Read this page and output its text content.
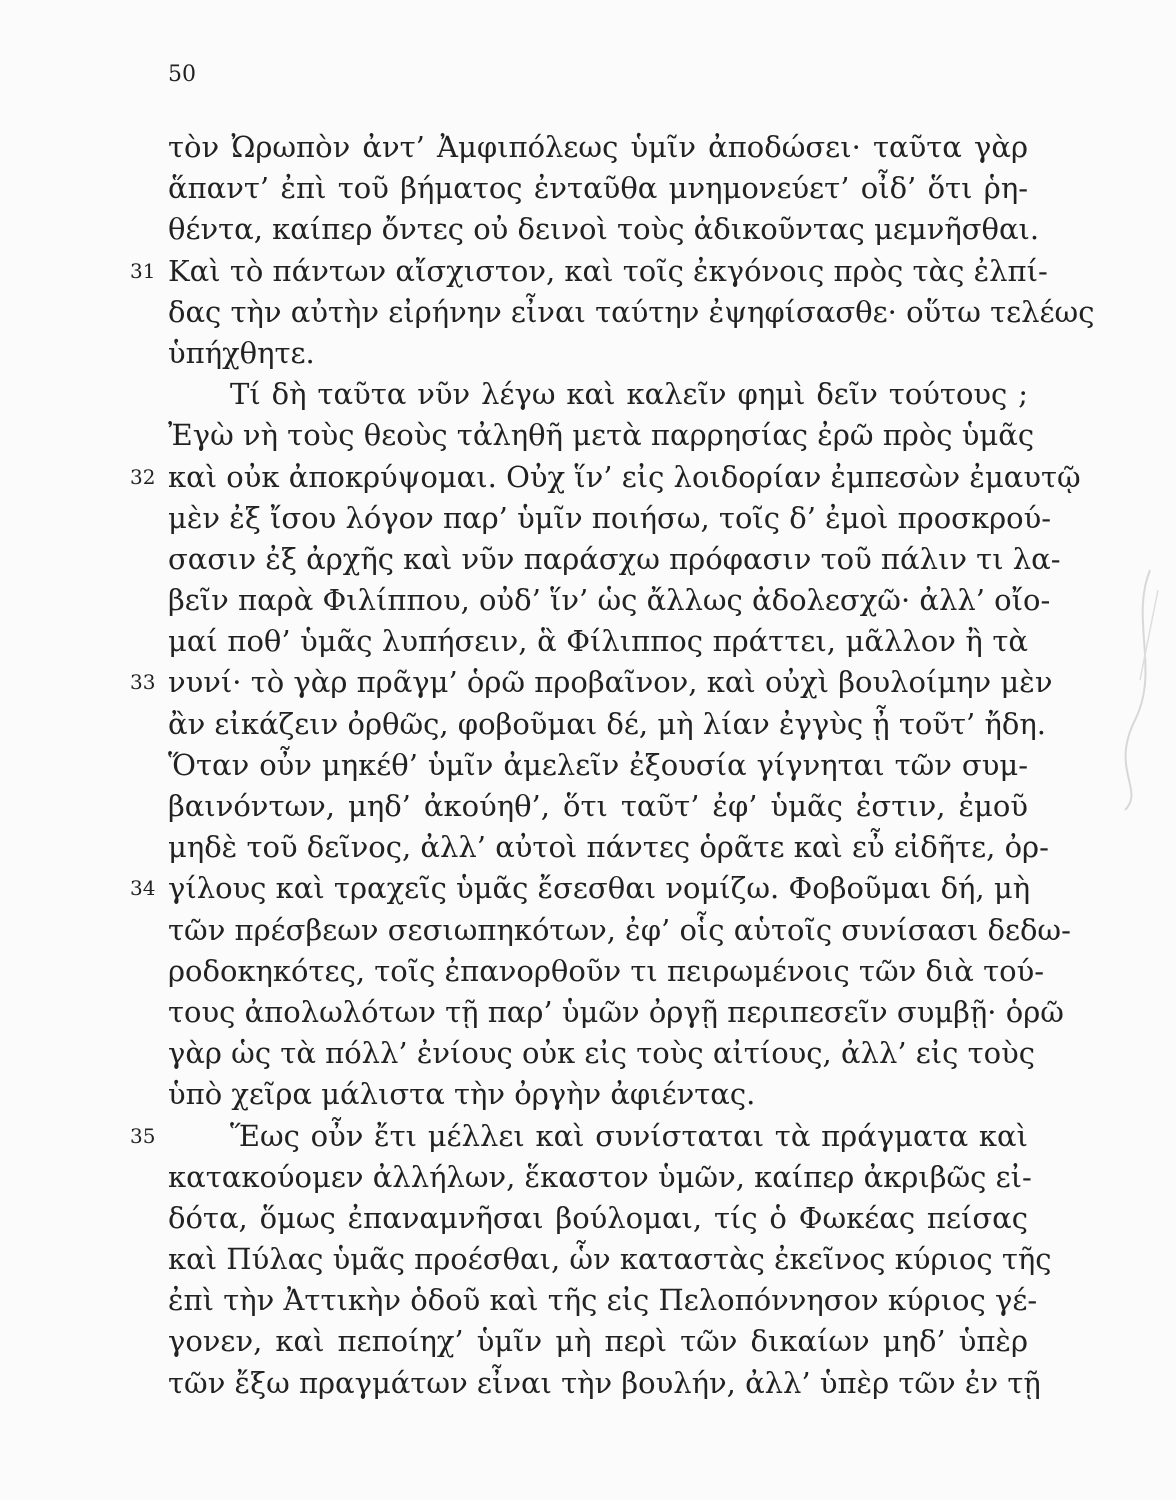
50
τὸν Ὠρωπὸν ἀντ’ Ἀμφιπόλεως ὑμῖν ἀποδώσει· ταῦτα γὰρ
ἅπαντ’ ἐπὶ τοῦ βήματος ἐνταῦθα μνημονεύετ’ οἶδ’ ὅτι ῥη-
θέντα, καίπερ ὄντες οὐ δεινοὶ τοὺς ἀδικοῦντας μεμνῆσθαι.
31 Καὶ τὸ πάντων αἴσχιστον, καὶ τοῖς ἐκγόνοις πρὸς τὰς ἐλπί-
δας τὴν αὐτὴν εἰρήνην εἶναι ταύτην ἐψηφίσασθε· οὕτω τελέως
ὑπήχθητε.
Τί δὴ ταῦτα νῦν λέγω καὶ καλεῖν φημὶ δεῖν τούτους ;
Ἐγὼ νὴ τοὺς θεοὺς τἀληθῆ μετὰ παρρησίας ἐρῶ πρὸς ὑμᾶς
32 καὶ οὐκ ἀποκρύψομαι. Οὐχ ἵν’ εἰς λοιδορίαν ἐμπεσὼν ἐμαυτῷ
μὲν ἐξ ἴσου λόγον παρ’ ὑμῖν ποιήσω, τοῖς δ’ ἐμοὶ προσκρού-
σασιν ἐξ ἀρχῆς καὶ νῦν παράσχω πρόφασιν τοῦ πάλιν τι λα-
βεῖν παρὰ Φιλίππου, οὐδ’ ἵν’ ὡς ἄλλως ἀδολεσχῶ· ἀλλ’ οἴο-
μαί ποθ’ ὑμᾶς λυπήσειν, ἃ Φίλιππος πράττει, μᾶλλον ἢ τὰ
33 νυνί· τὸ γὰρ πρᾶγμ’ ὁρῶ προβαῖνον, καὶ οὐχὶ βουλοίμην μὲν
ἂν εἰκάζειν ὀρθῶς, φοβοῦμαι δέ, μὴ λίαν ἐγγὺς ᾖ τοῦτ’ ἤδη.
Ὅταν οὖν μηκέθ’ ὑμῖν ἀμελεῖν ἐξουσία γίγνηται τῶν συμ-
βαινόντων, μηδ’ ἀκούηθ’, ὅτι ταῦτ’ ἐφ’ ὑμᾶς ἐστιν, ἐμοῦ
μηδὲ τοῦ δεῖνος, ἀλλ’ αὐτοὶ πάντες ὁρᾶτε καὶ εὖ εἰδῆτε, ὀρ-
34 γίλους καὶ τραχεῖς ὑμᾶς ἔσεσθαι νομίζω. Φοβοῦμαι δή, μὴ
τῶν πρέσβεων σεσιωπηκότων, ἐφ’ οἷς αὑτοῖς συνίσασι δεδω-
ροδοκηκότες, τοῖς ἐπανορθοῦν τι πειρωμένοις τῶν διὰ τού-
τους ἀπολωλότων τῇ παρ’ ὑμῶν ὀργῇ περιπεσεῖν συμβῇ· ὁρῶ
γὰρ ὡς τὰ πόλλ’ ἐνίους οὐκ εἰς τοὺς αἰτίους, ἀλλ’ εἰς τοὺς
ὑπὸ χεῖρα μάλιστα τὴν ὀργὴν ἀφιέντας.
35	Ἕως οὖν ἔτι μέλλει καὶ συνίσταται τὰ πράγματα καὶ
κατακούομεν ἀλλήλων, ἕκαστον ὑμῶν, καίπερ ἀκριβῶς εἰ-
δότα, ὅμως ἐπαναμνῆσαι βούλομαι, τίς ὁ Φωκέας πείσας
καὶ Πύλας ὑμᾶς προέσθαι, ὧν καταστὰς ἐκεῖνος κύριος τῆς
ἐπὶ τὴν Ἀττικὴν ὁδοῦ καὶ τῆς εἰς Πελοπόννησον κύριος γέ-
γονεν, καὶ πεποίηχ’ ὑμῖν μὴ περὶ τῶν δικαίων μηδ’ ὑπὲρ
τῶν ἔξω πραγμάτων εἶναι τὴν βουλήν, ἀλλ’ ὑπὲρ τῶν ἐν τῇ
